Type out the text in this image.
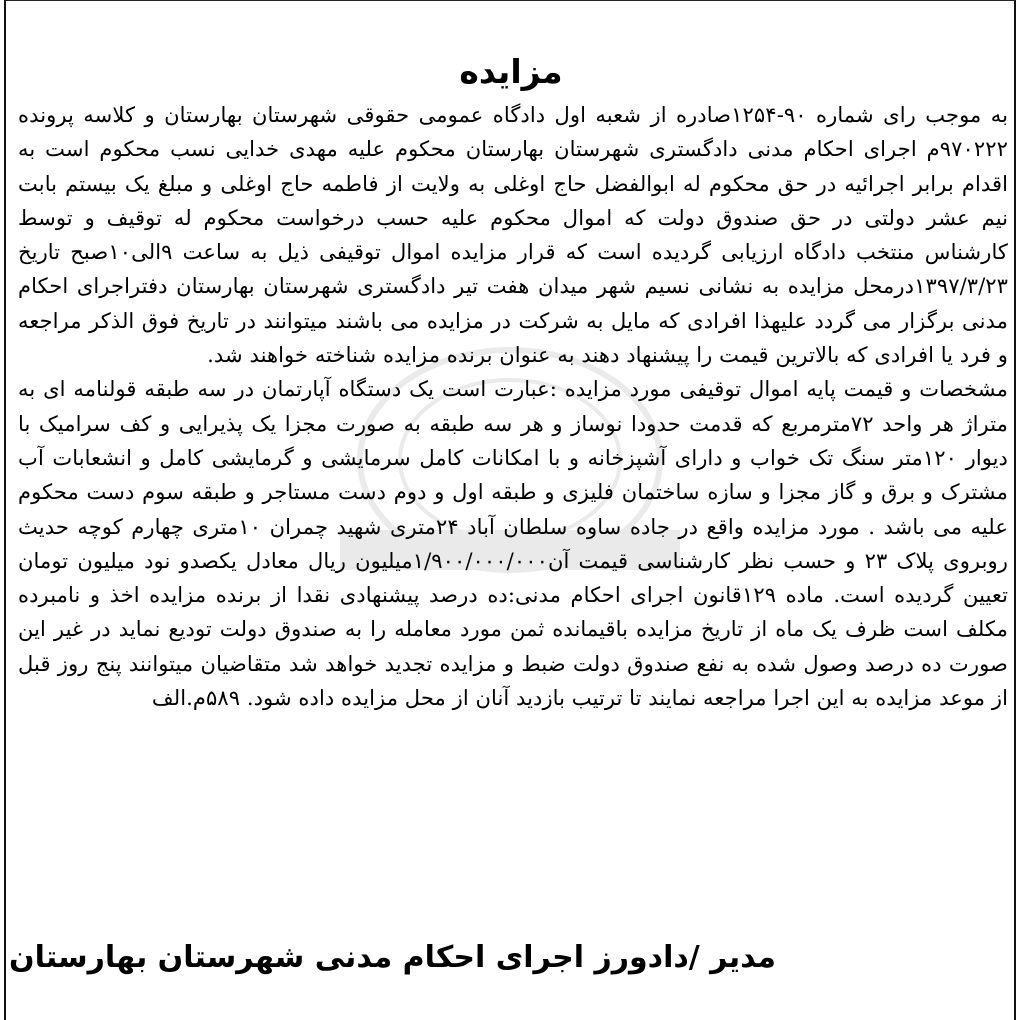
مزایده

به موجب رای شماره ۹۰-۱۲۵۴صادره از شعبه اول دادگاه عمومی حقوقی شهرستان بهارستان و کلاسه پرونده ۹۷۰۲۲۲م اجرای احکام مدنی دادگستری شهرستان بهارستان محکوم علیه مهدی خدایی نسب محکوم است به اقدام برابر اجرائیه در حق محکوم له ابوالفضل حاج اوغلی به ولایت از فاطمه حاج اوغلی و مبلغ یک بیستم بابت نیم عشر دولتی در حق صندوق دولت که اموال محکوم علیه حسب درخواست محکوم له توقیف و توسط کارشناس منتخب دادگاه ارزیابی گردیده است که قرار مزایده اموال توقیفی ذیل به ساعت ۹الی۱۰صبح تاریخ ۱۳۹۷/۳/۲۳درمحل مزایده به نشانی نسیم شهر میدان هفت تیر دادگستری شهرستان بهارستان دفتراجرای احکام مدنی برگزار می گردد علیهذا افرادی که مایل به شرکت در مزایده می باشند میتوانند در تاریخ فوق الذکر مراجعه و فرد یا افرادی که بالاترین قیمت را پیشنهاد دهند به عنوان برنده مزایده شناخته خواهند شد.

مشخصات و قیمت پایه اموال توقیفی مورد مزایده :عبارت است یک دستگاه آپارتمان در سه طبقه قولنامه ای به متراژ هر واحد ۷۲مترمربع که قدمت حدودا نوساز و هر سه طبقه به صورت مجزا یک پذیرایی و کف سرامیک با دیوار ۱۲۰متر سنگ تک خواب و دارای آشپزخانه و با امکانات کامل سرمایشی و گرمایشی کامل و انشعابات آب مشترک و برق و گاز مجزا و سازه ساختمان فلیزی و طبقه اول و دوم دست مستاجر و طبقه سوم دست محکوم علیه می باشد . مورد مزایده واقع در جاده ساوه سلطان آباد ۲۴متری شهید چمران ۱۰متری چهارم کوچه حدیث روبروی پلاک ۲۳ و حسب نظر کارشناسی قیمت آن۱/۹۰۰/۰۰۰/۰۰۰میلیون ریال معادل یکصدو نود میلیون تومان تعیین گردیده است. ماده ۱۲۹قانون اجرای احکام مدنی:ده درصد پیشنهادی نقدا از برنده مزایده اخذ و نامبرده مکلف است ظرف یک ماه از تاریخ مزایده باقیمانده ثمن مورد معامله را به صندوق دولت تودیع نماید در غیر این صورت ده درصد وصول شده به نفع صندوق دولت ضبط و مزایده تجدید خواهد شد متقاضیان میتوانند پنج روز قبل از موعد مزایده به این اجرا مراجعه نمایند تا ترتیب بازدید آنان از محل مزایده داده شود. ۵۸۹م.الف

مدیر /دادورز اجرای احکام مدنی شهرستان بهارستان
